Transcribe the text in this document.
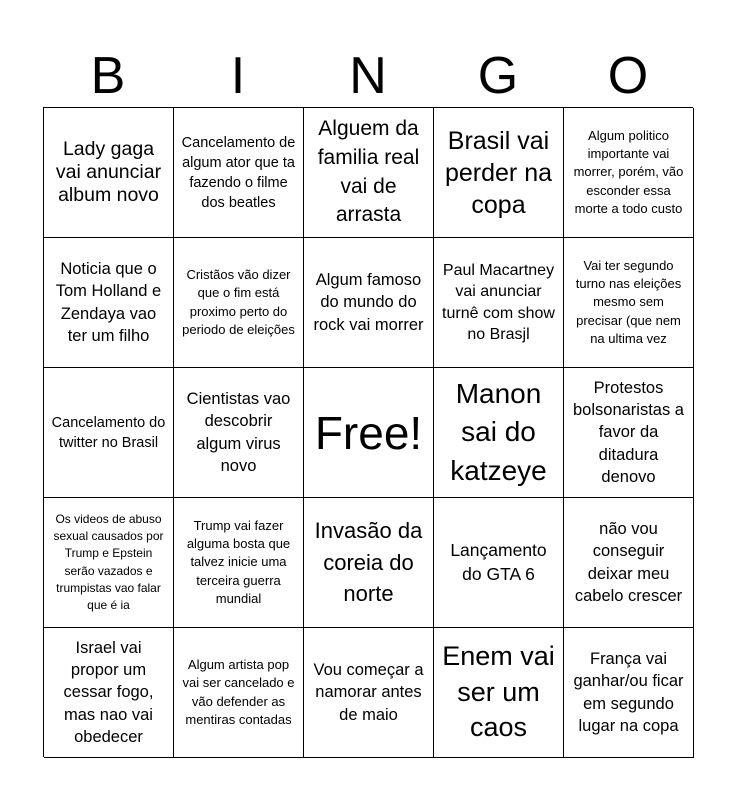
B	I	N	G	O
Lady gaga vai anunciar album novo
Cancelamento de algum ator que ta fazendo o filme dos beatles
Alguem da familia real vai de arrasta
Brasil vai perder na copa
Algum politico importante vai morrer, porém, vão esconder essa morte a todo custo
Noticia que o Tom Holland e Zendaya vao ter um filho
Cristãos vão dizer que o fim está proximo perto do periodo de eleições
Algum famoso do mundo do rock vai morrer
Paul Macartney vai anunciar turnê com show no Brasjl
Vai ter segundo turno nas eleições mesmo sem precisar (que nem na ultima vez
Cancelamento do twitter no Brasil
Cientistas vao descobrir algum virus novo
Free!
Manon sai do katzeye
Protestos bolsonaristas a favor da ditadura denovo
Os videos de abuso sexual causados por Trump e Epstein serão vazados e trumpistas vao falar que é ia
Trump vai fazer alguma bosta que talvez inicie uma terceira guerra mundial
Invasão da coreia do norte
Lançamento do GTA 6
não vou conseguir deixar meu cabelo crescer
Israel vai propor um cessar fogo, mas nao vai obedecer
Algum artista pop vai ser cancelado e vão defender as mentiras contadas
Vou começar a namorar antes de maio
Enem vai ser um caos
França vai ganhar/ou ficar em segundo lugar na copa
